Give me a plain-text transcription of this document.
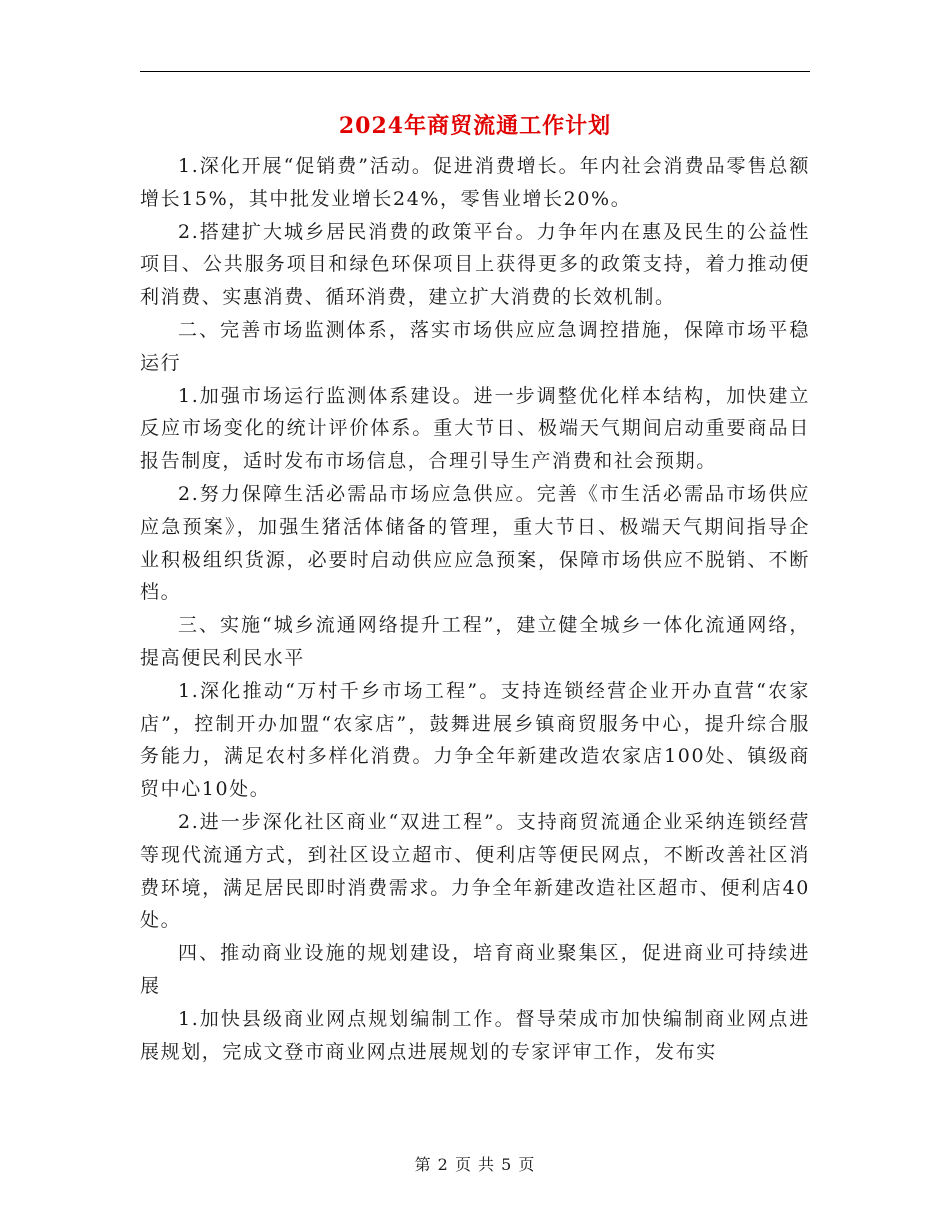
2024年商贸流通工作计划

1.深化开展“促销费”活动。促进消费增长。年内社会消费品零售总额增长15%，其中批发业增长24%，零售业增长20%。

2.搭建扩大城乡居民消费的政策平台。力争年内在惠及民生的公益性项目、公共服务项目和绿色环保项目上获得更多的政策支持，着力推动便利消费、实惠消费、循环消费，建立扩大消费的长效机制。

二、完善市场监测体系，落实市场供应应急调控措施，保障市场平稳运行

1.加强市场运行监测体系建设。进一步调整优化样本结构，加快建立反应市场变化的统计评价体系。重大节日、极端天气期间启动重要商品日报告制度，适时发布市场信息，合理引导生产消费和社会预期。

2.努力保障生活必需品市场应急供应。完善《市生活必需品市场供应应急预案》，加强生猪活体储备的管理，重大节日、极端天气期间指导企业积极组织货源，必要时启动供应应急预案，保障市场供应不脱销、不断档。

三、实施“城乡流通网络提升工程”，建立健全城乡一体化流通网络，提高便民利民水平

1.深化推动“万村千乡市场工程”。支持连锁经营企业开办直营“农家店”，控制开办加盟“农家店”，鼓舞进展乡镇商贸服务中心，提升综合服务能力，满足农村多样化消费。力争全年新建改造农家店100处、镇级商贸中心10处。

2.进一步深化社区商业“双进工程”。支持商贸流通企业采纳连锁经营等现代流通方式，到社区设立超市、便利店等便民网点，不断改善社区消费环境，满足居民即时消费需求。力争全年新建改造社区超市、便利店40处。

四、推动商业设施的规划建设，培育商业聚集区，促进商业可持续进展

1.加快县级商业网点规划编制工作。督导荣成市加快编制商业网点进展规划，完成文登市商业网点进展规划的专家评审工作，发布实

第 2 页 共 5 页
